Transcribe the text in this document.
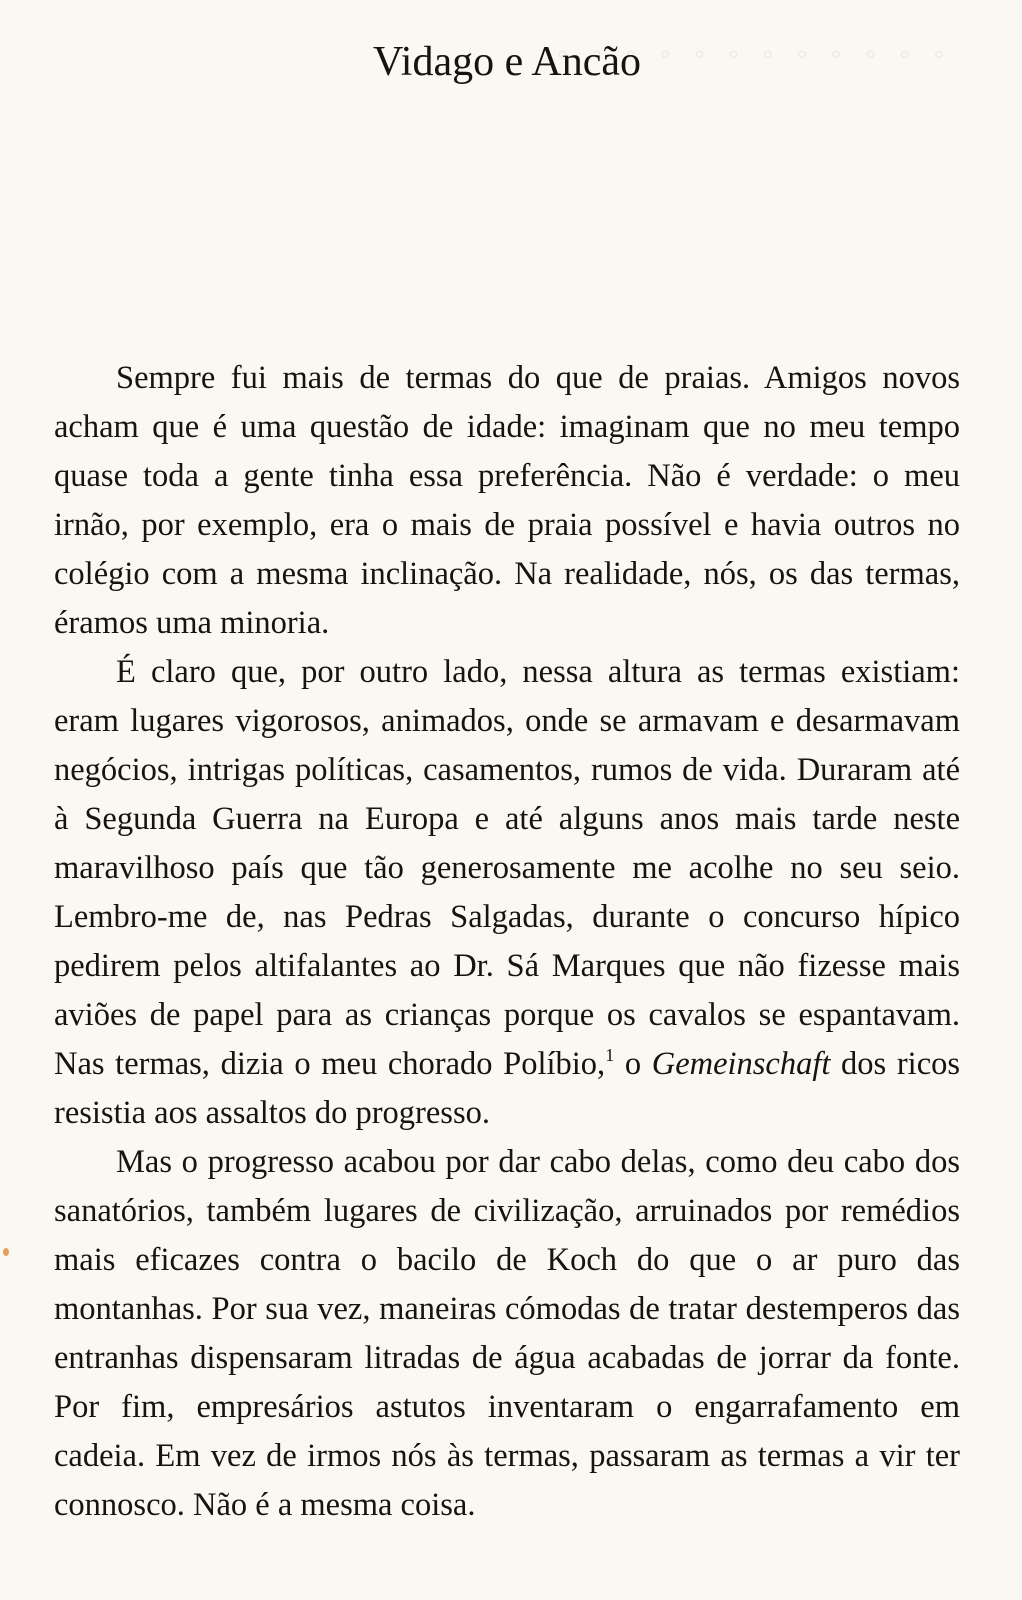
◦   ◦   ◦   ◦   ◦   ◦   ◦   ◦   ◦   ◦   ◦   ◦

Vidago e Ancão

Sempre fui mais de termas do que de praias. Amigos novos acham que é uma questão de idade: imaginam que no meu tempo quase toda a gente tinha essa preferência. Não é verdade: o meu irnão, por exemplo, era o mais de praia possível e havia outros no colégio com a mesma inclinação. Na realidade, nós, os das termas, éramos uma minoria.

É claro que, por outro lado, nessa altura as termas existiam: eram lugares vigorosos, animados, onde se armavam e desarmavam negócios, intrigas políticas, casamentos, rumos de vida. Duraram até à Segunda Guerra na Europa e até alguns anos mais tarde neste maravilhoso país que tão generosamente me acolhe no seu seio. Lembro-me de, nas Pedras Salgadas, durante o concurso hípico pedirem pelos altifalantes ao Dr. Sá Marques que não fizesse mais aviões de papel para as crianças porque os cavalos se espantavam. Nas termas, dizia o meu chorado Políbio,$^1$ o Gemeinschaft dos ricos resistia aos assaltos do progresso.

Mas o progresso acabou por dar cabo delas, como deu cabo dos sanatórios, também lugares de civilização, arruinados por remédios mais eficazes contra o bacilo de Koch do que o ar puro das montanhas. Por sua vez, maneiras cómodas de tratar destemperos das entranhas dispensaram litradas de água acabadas de jorrar da fonte. Por fim, empresários astutos inventaram o engarrafamento em cadeia. Em vez de irmos nós às termas, passaram as termas a vir ter connosco. Não é a mesma coisa.
